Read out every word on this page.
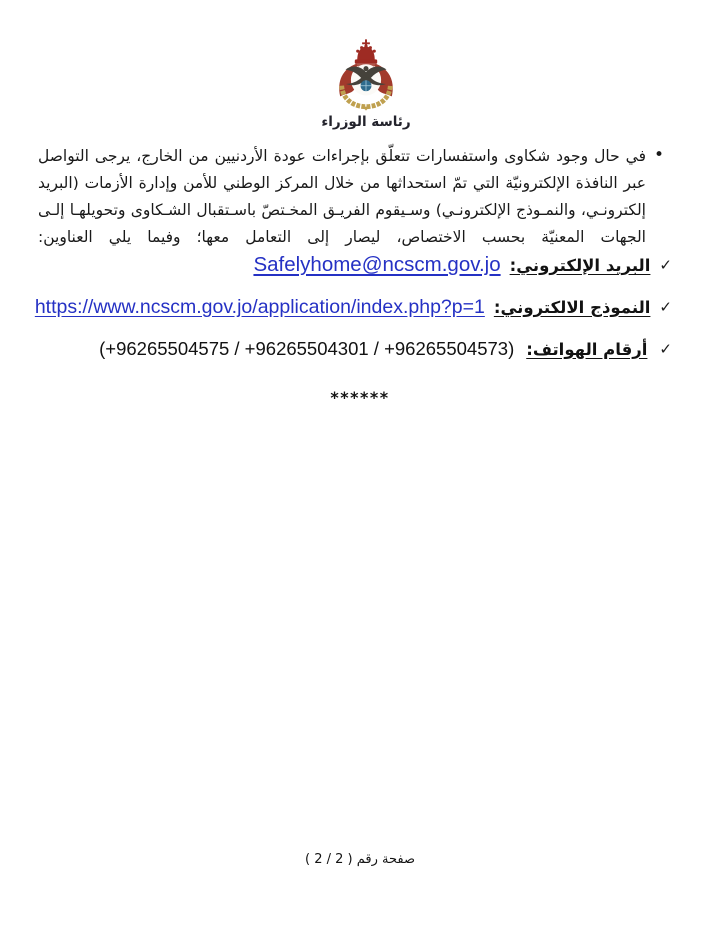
رئاسة الوزراء
•
في حال وجود شكاوى واستفسارات تتعلّق بإجراءات عودة الأردنيين من الخارج، يرجى التواصل
عبر النافذة الإلكترونيّة التي تمّ استحداثها من خلال المركز الوطني للأمن وإدارة الأزمات (البريد
إلكترونـي، والنمـوذج الإلكترونـي) وسـيقوم الفريـق المخـتصّ باسـتقبال الشـكاوى وتحويلهـا إلـى
الجهات المعنيّة بحسب الاختصاص، ليصار إلى التعامل معها؛ وفيما يلي العناوين:
✓
البريد الإلكتروني:
Safelyhome@ncscm.gov.jo
✓
النموذج الالكتروني:
https://www.ncscm.gov.jo/application/index.php?p=1
✓
أرقام الهواتف:
(+96265504575 / +96265504301 / +96265504573)
******
صفحة رقم ( 2 / 2 )
